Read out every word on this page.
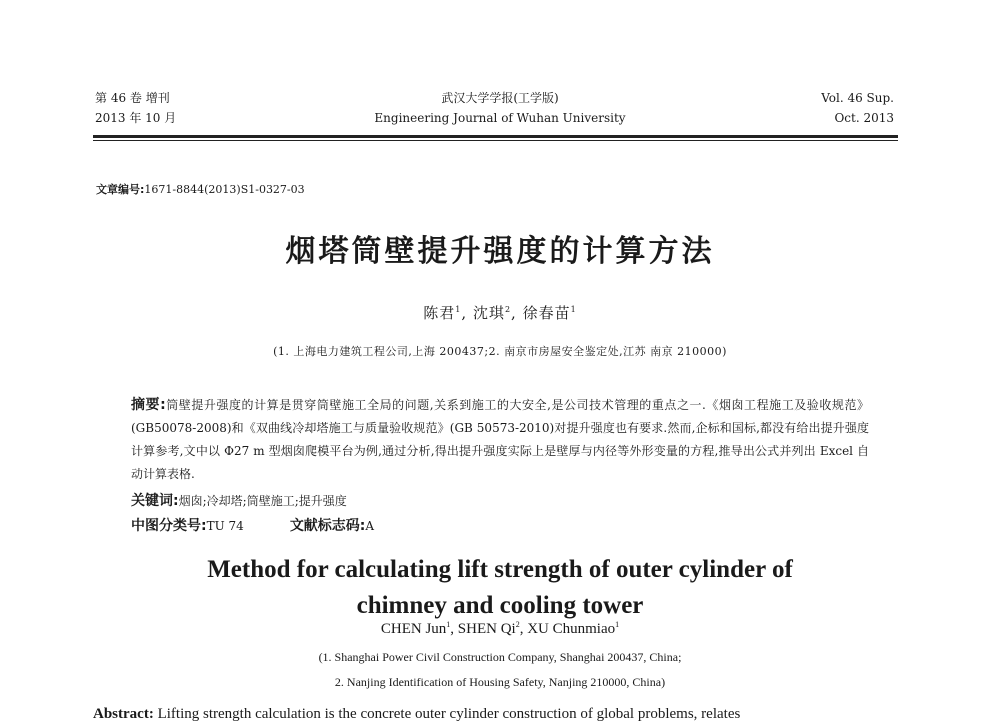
第 46 卷 增刊
2013 年 10 月
武汉大学学报(工学版)
Engineering Journal of Wuhan University
Vol. 46 Sup.
Oct. 2013
文章编号:1671-8844(2013)S1-0327-03
烟塔筒壁提升强度的计算方法
陈君$^1$, 沈琪$^2$, 徐春苗$^1$
(1. 上海电力建筑工程公司,上海 200437;2. 南京市房屋安全鉴定处,江苏 南京 210000)
摘要:筒壁提升强度的计算是贯穿筒壁施工全局的问题,关系到施工的大安全,是公司技术管理的重点之一.《烟囱工程施工及验收规范》(GB50078-2008)和《双曲线冷却塔施工与质量验收规范》(GB 50573-2010)对提升强度也有要求.然而,企标和国标,都没有给出提升强度计算参考,文中以 Φ27 m 型烟囱爬模平台为例,通过分析,得出提升强度实际上是壁厚与内径等外形变量的方程,推导出公式并列出 Excel 自动计算表格.
关键词:烟囱;冷却塔;筒壁施工;提升强度
中图分类号:TU 74	文献标志码:A
Method for calculating lift strength of outer cylinder of
chimney and cooling tower
CHEN Jun$^1$, SHEN Qi$^2$, XU Chunmiao$^1$
(1. Shanghai Power Civil Construction Company, Shanghai 200437, China;
2. Nanjing Identification of Housing Safety, Nanjing 210000, China)
Abstract: Lifting strength calculation is the concrete outer cylinder construction of global problems, relates
